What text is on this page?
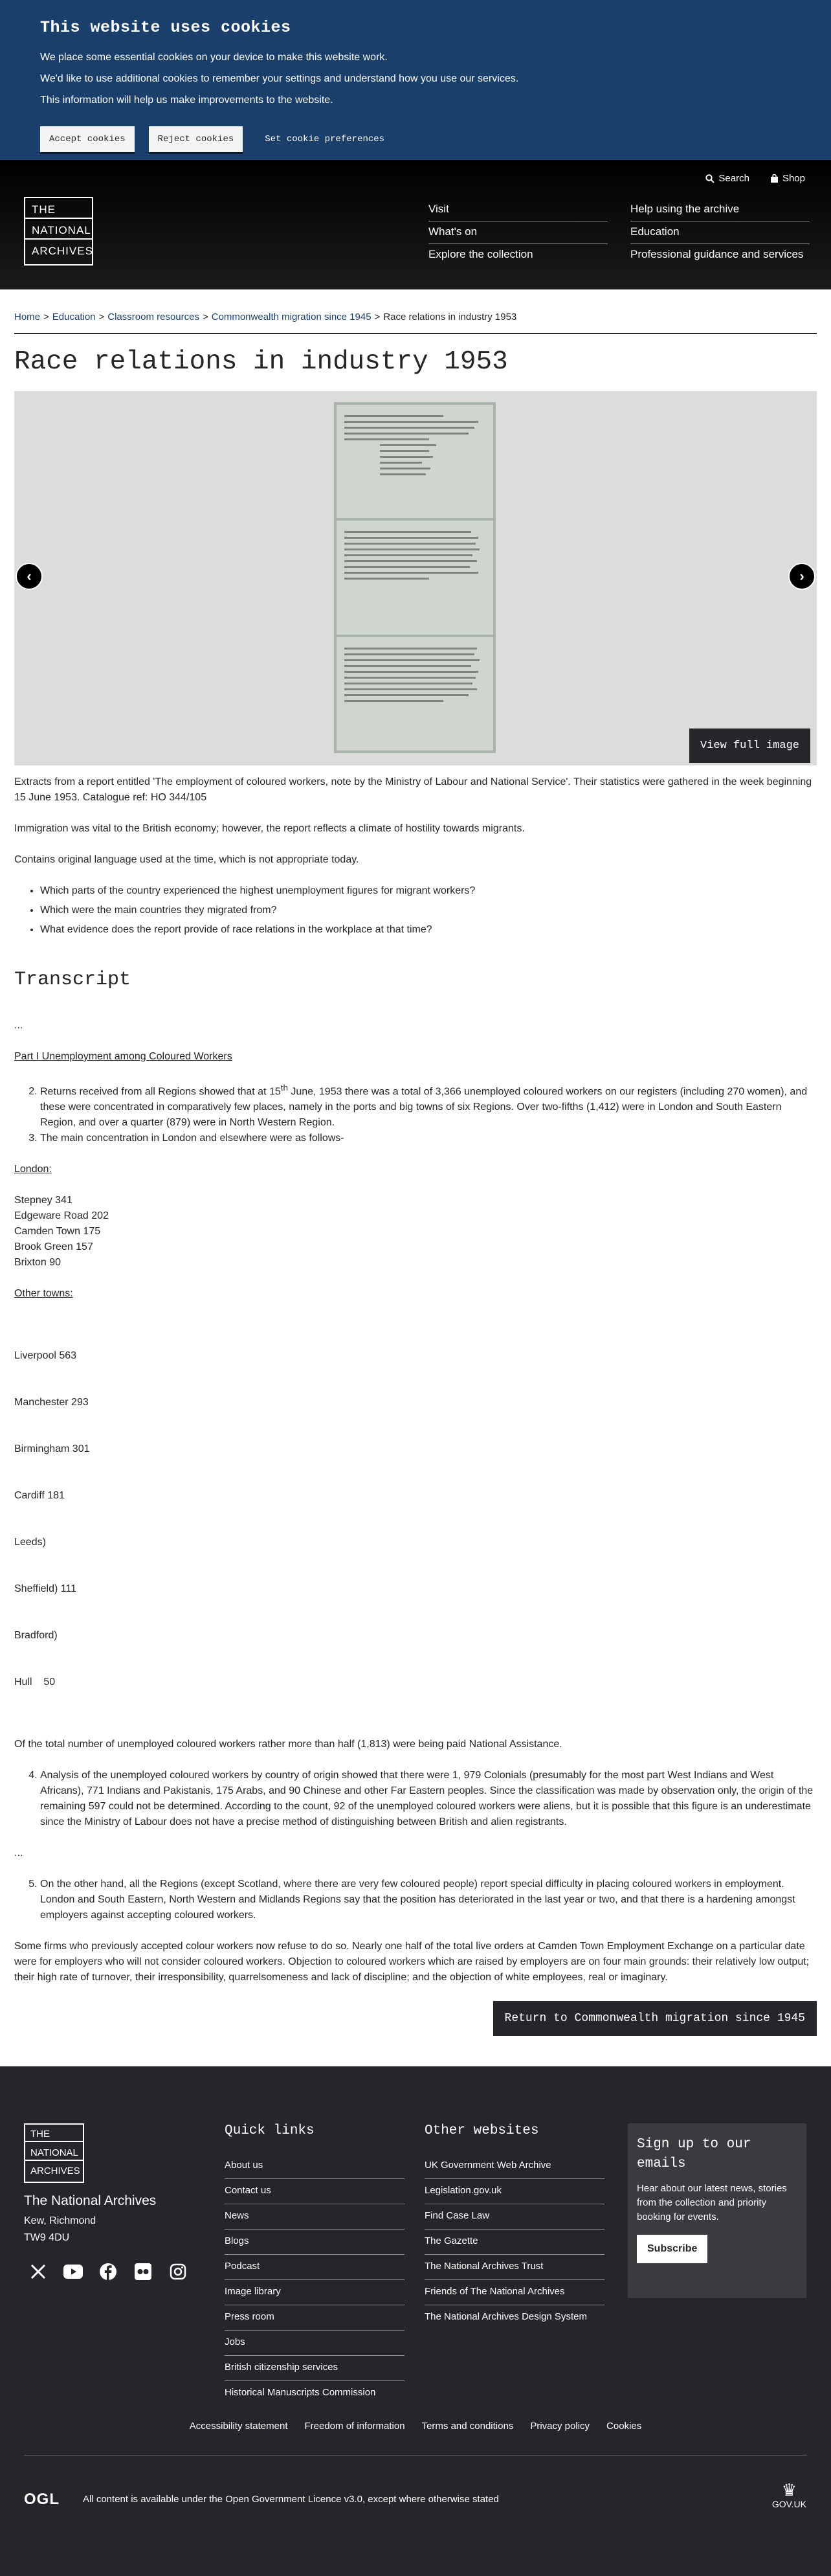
This website uses cookies

We place some essential cookies on your device to make this website work.

We'd like to use additional cookies to remember your settings and understand how you use our services.

This information will help us make improvements to the website.

Accept cookies	Reject cookies	Set cookie preferences
Search	Shop
THE
NATIONAL
ARCHIVES
Visit
What's on
Explore the collection
Help using the archive
Education
Professional guidance and services
Home > Education > Classroom resources > Commonwealth migration since 1945 > Race relations in industry 1953
Race relations in industry 1953
‹	›
View full image

Extracts from a report entitled 'The employment of coloured workers, note by the Ministry of Labour and National Service'. Their statistics were gathered in the week beginning 15 June 1953. Catalogue ref: HO 344/105

Immigration was vital to the British economy; however, the report reflects a climate of hostility towards migrants.

Contains original language used at the time, which is not appropriate today.

• Which parts of the country experienced the highest unemployment figures for migrant workers?
• Which were the main countries they migrated from?
• What evidence does the report provide of race relations in the workplace at that time?
Transcript

...

Part I Unemployment among Coloured Workers

2. Returns received from all Regions showed that at 15th June, 1953 there was a total of 3,366 unemployed coloured workers on our registers (including 270 women), and these were concentrated in comparatively few places, namely in the ports and big towns of six Regions. Over two-fifths (1,412) were in London and South Eastern Region, and over a quarter (879) were in North Western Region.
3. The main concentration in London and elsewhere were as follows-

London:

Stepney 341

Edgeware Road 202

Camden Town 175

Brook Green 157

Brixton 90

Other towns:

Liverpool 563

Manchester 293

Birmingham 301

Cardiff 181

Leeds)

Sheffield) 111

Bradford)

Hull    50

Of the total number of unemployed coloured workers rather more than half (1,813) were being paid National Assistance.

4. Analysis of the unemployed coloured workers by country of origin showed that there were 1, 979 Colonials (presumably for the most part West Indians and West Africans), 771 Indians and Pakistanis, 175 Arabs, and 90 Chinese and other Far Eastern peoples. Since the classification was made by observation only, the origin of the remaining 597 could not be determined. According to the count, 92 of the unemployed coloured workers were aliens, but it is possible that this figure is an underestimate since the Ministry of Labour does not have a precise method of distinguishing between British and alien registrants.

...

5. On the other hand, all the Regions (except Scotland, where there are very few coloured people) report special difficulty in placing coloured workers in employment. London and South Eastern, North Western and Midlands Regions say that the position has deteriorated in the last year or two, and that there is a hardening amongst employers against accepting coloured workers.

Some firms who previously accepted colour workers now refuse to do so. Nearly one half of the total live orders at Camden Town Employment Exchange on a particular date were for employers who will not consider coloured workers. Objection to coloured workers which are raised by employers are on four main grounds: their relatively low output; their high rate of turnover, their irresponsibility, quarrelsomeness and lack of discipline; and the objection of white employees, real or imaginary.

Return to Commonwealth migration since 1945
THE
NATIONAL
ARCHIVES
The National Archives
Kew, Richmond
TW9 4DU
Quick links
About us
Contact us
News
Blogs
Podcast
Image library
Press room
Jobs
British citizenship services
Historical Manuscripts Commission
Other websites
UK Government Web Archive
Legislation.gov.uk
Find Case Law
The Gazette
The National Archives Trust
Friends of The National Archives
The National Archives Design System
Sign up to our emails

Hear about our latest news, stories from the collection and priority booking for events.

Subscribe
Accessibility statement Freedom of information Terms and conditions Privacy policy Cookies
OGL All content is available under the Open Government Licence v3.0, except where otherwise stated	♛
GOV.UK
